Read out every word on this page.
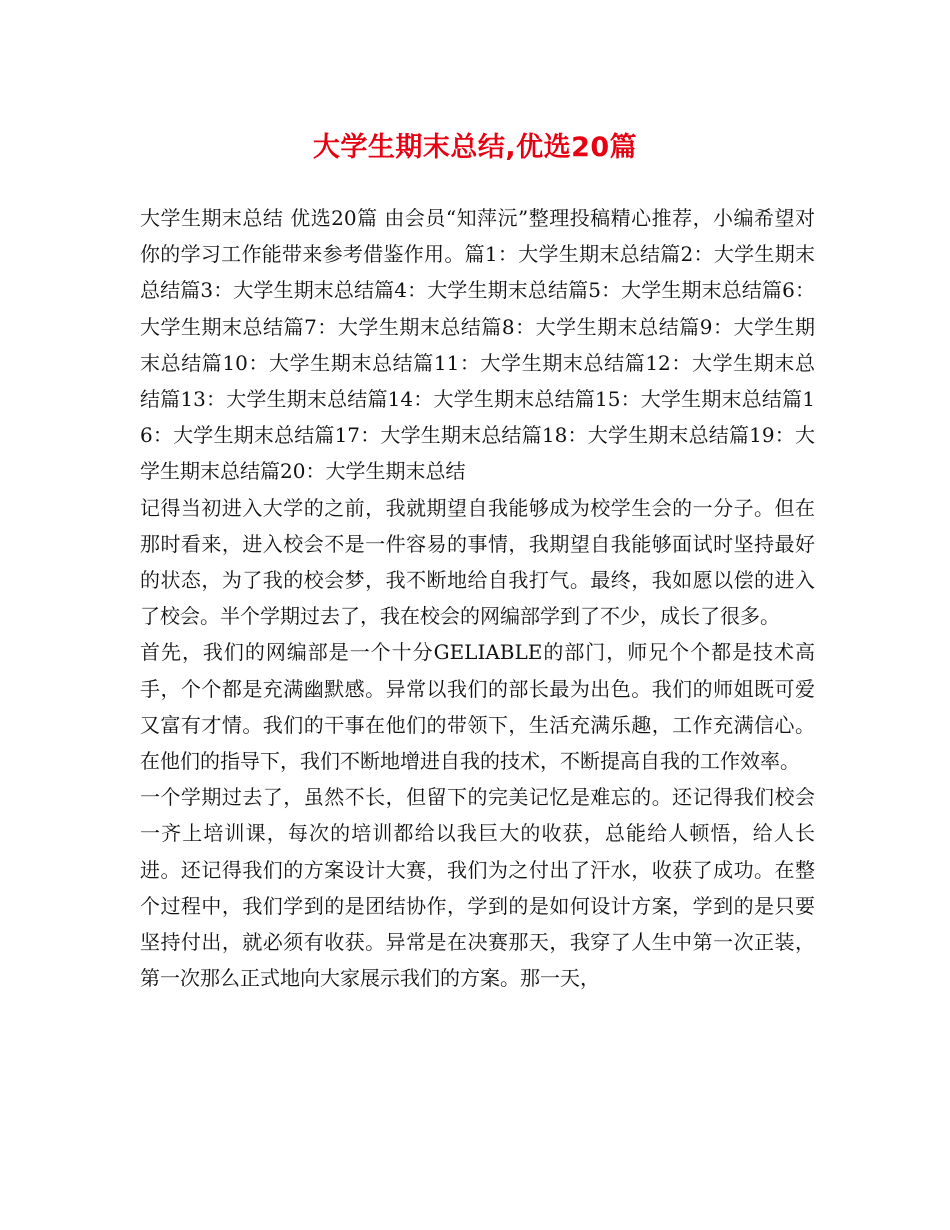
大学生期末总结,优选20篇

大学生期末总结 优选20篇 由会员“知萍沅”整理投稿精心推荐，小编希望对你的学习工作能带来参考借鉴作用。篇1：大学生期末总结篇2：大学生期末总结篇3：大学生期末总结篇4：大学生期末总结篇5：大学生期末总结篇6：大学生期末总结篇7：大学生期末总结篇8：大学生期末总结篇9：大学生期末总结篇10：大学生期末总结篇11：大学生期末总结篇12：大学生期末总结篇13：大学生期末总结篇14：大学生期末总结篇15：大学生期末总结篇16：大学生期末总结篇17：大学生期末总结篇18：大学生期末总结篇19：大学生期末总结篇20：大学生期末总结

记得当初进入大学的之前，我就期望自我能够成为校学生会的一分子。但在那时看来，进入校会不是一件容易的事情，我期望自我能够面试时坚持最好的状态，为了我的校会梦，我不断地给自我打气。最终，我如愿以偿的进入了校会。半个学期过去了，我在校会的网编部学到了不少，成长了很多。

首先，我们的网编部是一个十分GELIABLE的部门，师兄个个都是技术高手，个个都是充满幽默感。异常以我们的部长最为出色。我们的师姐既可爱又富有才情。我们的干事在他们的带领下，生活充满乐趣，工作充满信心。在他们的指导下，我们不断地增进自我的技术，不断提高自我的工作效率。

一个学期过去了，虽然不长，但留下的完美记忆是难忘的。还记得我们校会一齐上培训课，每次的培训都给以我巨大的收获，总能给人顿悟，给人长进。还记得我们的方案设计大赛，我们为之付出了汗水，收获了成功。在整个过程中，我们学到的是团结协作，学到的是如何设计方案，学到的是只要坚持付出，就必须有收获。异常是在决赛那天，我穿了人生中第一次正装，第一次那么正式地向大家展示我们的方案。那一天，
